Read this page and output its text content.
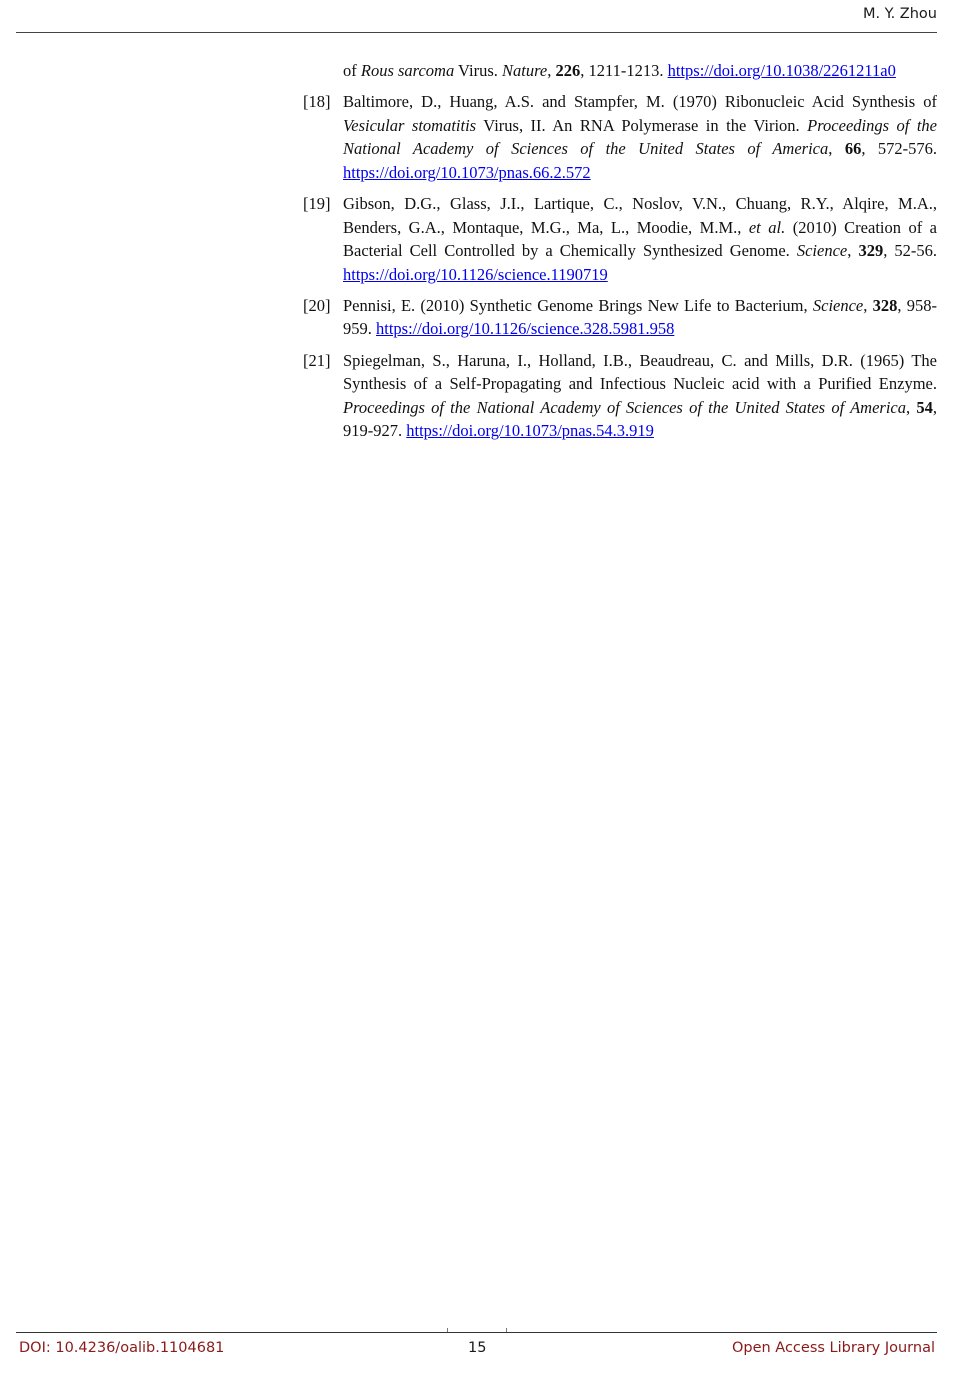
M. Y. Zhou
of Rous sarcoma Virus. Nature, 226, 1211-1213. https://doi.org/10.1038/2261211a0
[18] Baltimore, D., Huang, A.S. and Stampfer, M. (1970) Ribonucleic Acid Synthesis of Vesicular stomatitis Virus, II. An RNA Polymerase in the Virion. Proceedings of the National Academy of Sciences of the United States of America, 66, 572-576. https://doi.org/10.1073/pnas.66.2.572
[19] Gibson, D.G., Glass, J.I., Lartique, C., Noslov, V.N., Chuang, R.Y., Alqire, M.A., Benders, G.A., Montaque, M.G., Ma, L., Moodie, M.M., et al. (2010) Creation of a Bacterial Cell Controlled by a Chemically Synthesized Genome. Science, 329, 52-56. https://doi.org/10.1126/science.1190719
[20] Pennisi, E. (2010) Synthetic Genome Brings New Life to Bacterium, Science, 328, 958-959. https://doi.org/10.1126/science.328.5981.958
[21] Spiegelman, S., Haruna, I., Holland, I.B., Beaudreau, C. and Mills, D.R. (1965) The Synthesis of a Self-Propagating and Infectious Nucleic acid with a Purified Enzyme. Proceedings of the National Academy of Sciences of the United States of America, 54, 919-927. https://doi.org/10.1073/pnas.54.3.919
DOI: 10.4236/oalib.1104681	15	Open Access Library Journal
